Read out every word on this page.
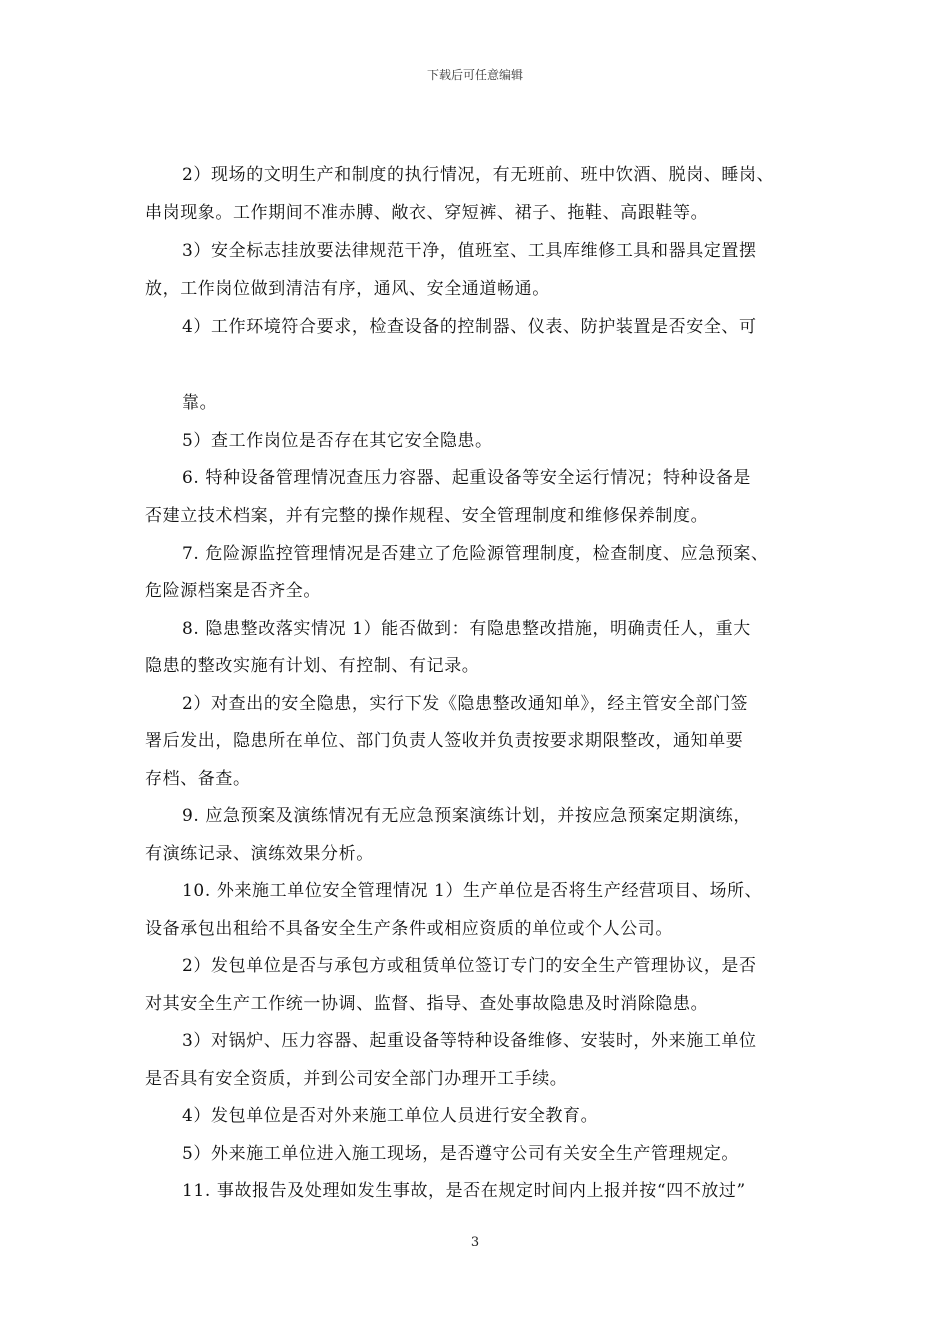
下载后可任意编辑
2）现场的文明生产和制度的执行情况，有无班前、班中饮酒、脱岗、睡岗、
串岗现象。工作期间不准赤膊、敞衣、穿短裤、裙子、拖鞋、高跟鞋等。
3）安全标志挂放要法律规范干净，值班室、工具库维修工具和器具定置摆
放，工作岗位做到清洁有序，通风、安全通道畅通。
4）工作环境符合要求，检查设备的控制器、仪表、防护装置是否安全、可
靠。
5）查工作岗位是否存在其它安全隐患。
6. 特种设备管理情况查压力容器、起重设备等安全运行情况；特种设备是
否建立技术档案，并有完整的操作规程、安全管理制度和维修保养制度。
7. 危险源监控管理情况是否建立了危险源管理制度，检查制度、应急预案、
危险源档案是否齐全。
8. 隐患整改落实情况 1）能否做到：有隐患整改措施，明确责任人，重大
隐患的整改实施有计划、有控制、有记录。
2）对查出的安全隐患，实行下发《隐患整改通知单》，经主管安全部门签
署后发出，隐患所在单位、部门负责人签收并负责按要求期限整改，通知单要
存档、备查。
9. 应急预案及演练情况有无应急预案演练计划，并按应急预案定期演练，
有演练记录、演练效果分析。
10. 外来施工单位安全管理情况 1）生产单位是否将生产经营项目、场所、
设备承包出租给不具备安全生产条件或相应资质的单位或个人公司。
2）发包单位是否与承包方或租赁单位签订专门的安全生产管理协议，是否
对其安全生产工作统一协调、监督、指导、查处事故隐患及时消除隐患。
3）对锅炉、压力容器、起重设备等特种设备维修、安装时，外来施工单位
是否具有安全资质，并到公司安全部门办理开工手续。
4）发包单位是否对外来施工单位人员进行安全教育。
5）外来施工单位进入施工现场，是否遵守公司有关安全生产管理规定。
11. 事故报告及处理如发生事故，是否在规定时间内上报并按“四不放过”
3
